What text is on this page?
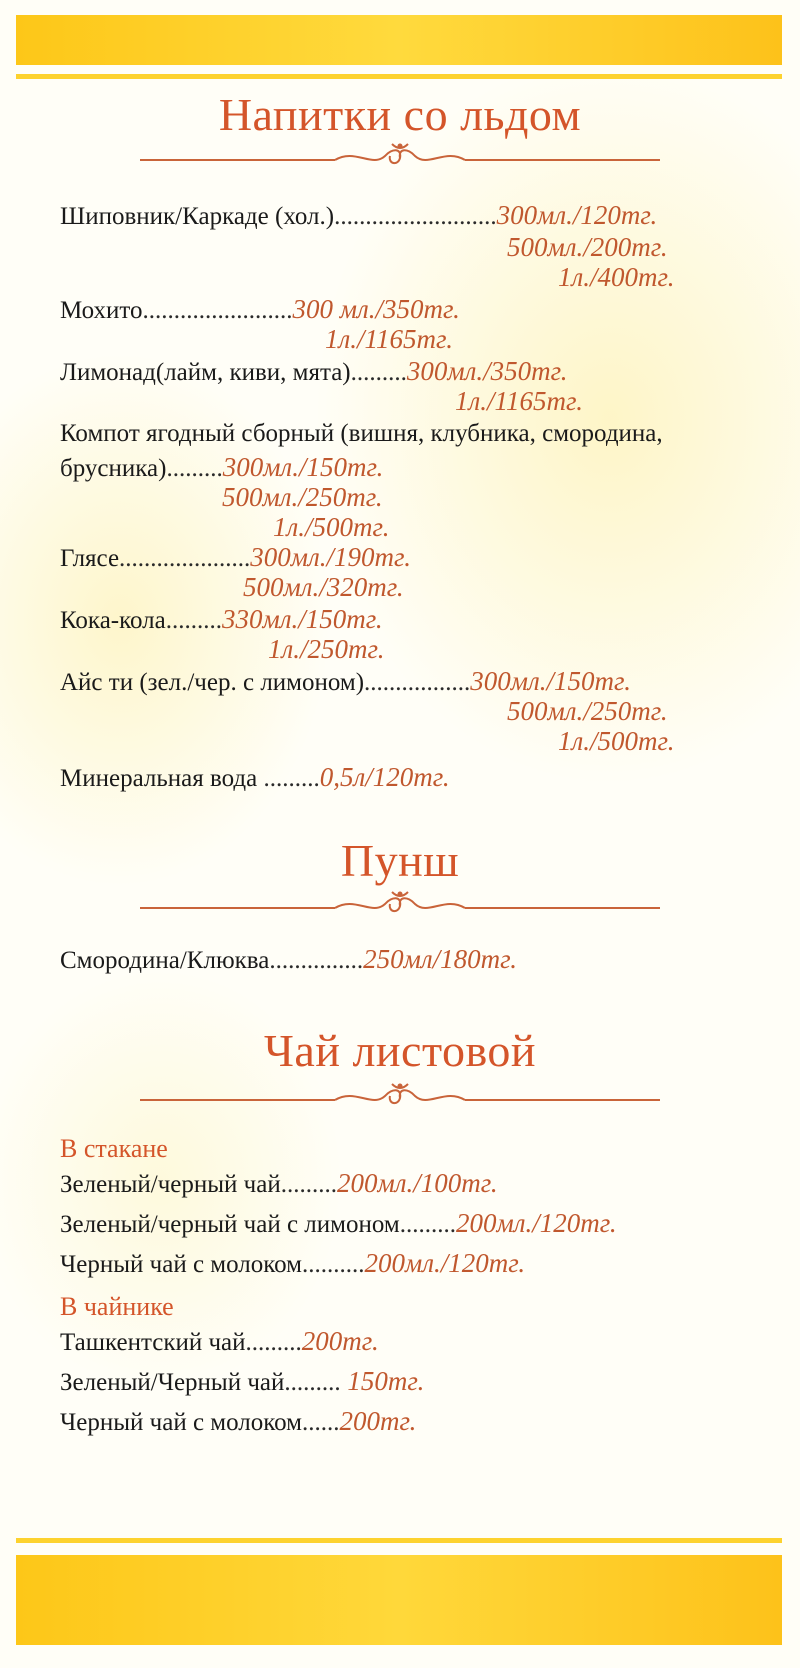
Напитки со льдом
Шиповник/Каркаде (хол.)..........................300мл./120тг.
500мл./200тг.
1л./400тг.
Мохито........................300 мл./350тг.
1л./1165тг.
Лимонад(лайм, киви, мята).........300мл./350тг.
1л./1165тг.
Компот ягодный сборный (вишня, клубника, смородина,
брусника).........300мл./150тг.
500мл./250тг.
1л./500тг.
Глясе.....................300мл./190тг.
500мл./320тг.
Кока-кола.........330мл./150тг.
1л./250тг.
Айс ти (зел./чер. с лимоном).................300мл./150тг.
500мл./250тг.
1л./500тг.
Минеральная вода .........0,5л/120тг.
Пунш
Смородина/Клюква...............250мл/180тг.
Чай листовой
В стакане
Зеленый/черный чай.........200мл./100тг.
Зеленый/черный чай с лимоном.........200мл./120тг.
Черный чай с молоком..........200мл./120тг.
В чайнике
Ташкентский чай.........200тг.
Зеленый/Черный чай......... 150тг.
Черный чай с молоком......200тг.
